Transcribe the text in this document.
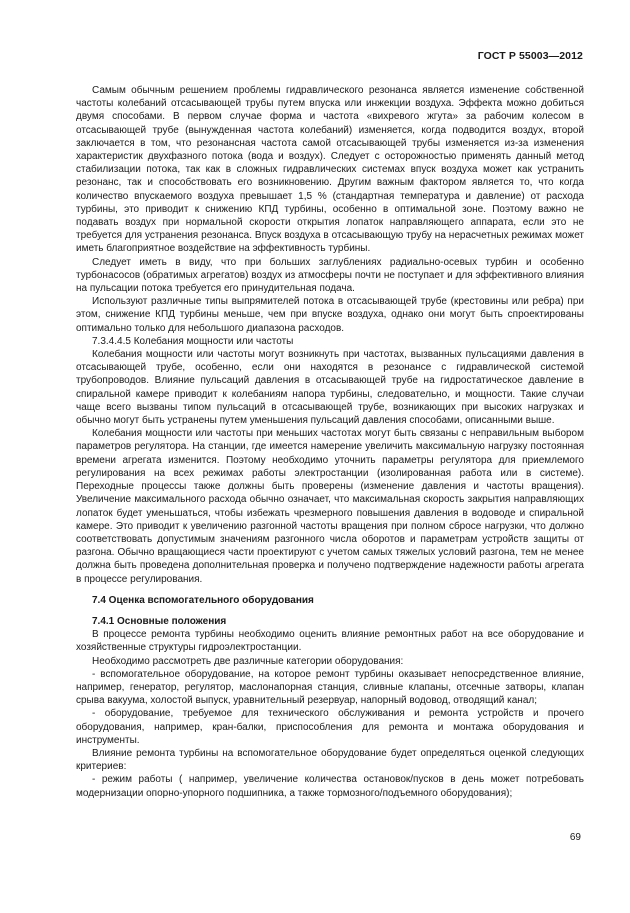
ГОСТ Р 55003—2012

Самым обычным решением проблемы гидравлического резонанса является изменение собственной частоты колебаний отсасывающей трубы путем впуска или инжекции воздуха. Эффекта можно добиться двумя способами. В первом случае форма и частота «вихревого жгута» за рабочим колесом в отсасывающей трубе (вынужденная частота колебаний) изменяется, когда подводится воздух, второй заключается в том, что резонансная частота самой отсасывающей трубы изменяется из-за изменения характеристик двухфазного потока (вода и воздух). Следует с осторожностью применять данный метод стабилизации потока, так как в сложных гидравлических системах впуск воздуха может как устранить резонанс, так и способствовать его возникновению. Другим важным фактором является то, что когда количество впускаемого воздуха превышает 1,5 % (стандартная температура и давление) от расхода турбины, это приводит к снижению КПД турбины, особенно в оптимальной зоне. Поэтому важно не подавать воздух при нормальной скорости открытия лопаток направляющего аппарата, если это не требуется для устранения резонанса. Впуск воздуха в отсасывающую трубу на нерасчетных режимах может иметь благоприятное воздействие на эффективность турбины.

Следует иметь в виду, что при больших заглублениях радиально-осевых турбин и особенно турбонасосов (обратимых агрегатов) воздух из атмосферы почти не поступает и для эффективного влияния на пульсации потока требуется его принудительная подача.

Используют различные типы выпрямителей потока в отсасывающей трубе (крестовины или ребра) при этом, снижение КПД турбины меньше, чем при впуске воздуха, однако они могут быть спроектированы оптимально только для небольшого диапазона расходов.

7.3.4.4.5 Колебания мощности или частоты

Колебания мощности или частоты могут возникнуть при частотах, вызванных пульсациями давления в отсасывающей трубе, особенно, если они находятся в резонансе с гидравлической системой трубопроводов. Влияние пульсаций давления в отсасывающей трубе на гидростатическое давление в спиральной камере приводит к колебаниям напора турбины, следовательно, и мощности. Такие случаи чаще всего вызваны типом пульсаций в отсасывающей трубе, возникающих при высоких нагрузках и обычно могут быть устранены путем уменьшения пульсаций давления способами, описанными выше.

Колебания мощности или частоты при меньших частотах могут быть связаны с неправильным выбором параметров регулятора. На станции, где имеется намерение увеличить максимальную нагрузку постоянная времени агрегата изменится. Поэтому необходимо уточнить параметры регулятора для приемлемого регулирования на всех режимах работы электростанции (изолированная работа или в системе). Переходные процессы также должны быть проверены (изменение давления и частоты вращения). Увеличение максимального расхода обычно означает, что максимальная скорость закрытия направляющих лопаток будет уменьшаться, чтобы избежать чрезмерного повышения давления в водоводе и спиральной камере. Это приводит к увеличению разгонной частоты вращения при полном сбросе нагрузки, что должно соответствовать допустимым значениям разгонного числа оборотов и параметрам устройств защиты от разгона. Обычно вращающиеся части проектируют с учетом самых тяжелых условий разгона, тем не менее должна быть проведена дополнительная проверка и получено подтверждение надежности работы агрегата в процессе регулирования.

7.4 Оценка вспомогательного оборудования
7.4.1 Основные положения

В процессе ремонта турбины необходимо оценить влияние ремонтных работ на все оборудование и хозяйственные структуры гидроэлектростанции.

Необходимо рассмотреть две различные категории оборудования:

- вспомогательное оборудование, на которое ремонт турбины оказывает непосредственное влияние, например, генератор, регулятор, маслонапорная станция, сливные клапаны, отсечные затворы, клапан срыва вакуума, холостой выпуск, уравнительный резервуар, напорный водовод, отводящий канал;

- оборудование, требуемое для технического обслуживания и ремонта устройств и прочего оборудования, например, кран-балки, приспособления для ремонта и монтажа оборудования и инструменты.

Влияние ремонта турбины на вспомогательное оборудование будет определяться оценкой следующих критериев:

- режим работы ( например, увеличение количества остановок/пусков в день может потребовать модернизации опорно-упорного подшипника, а также тормозного/подъемного оборудования);

69
